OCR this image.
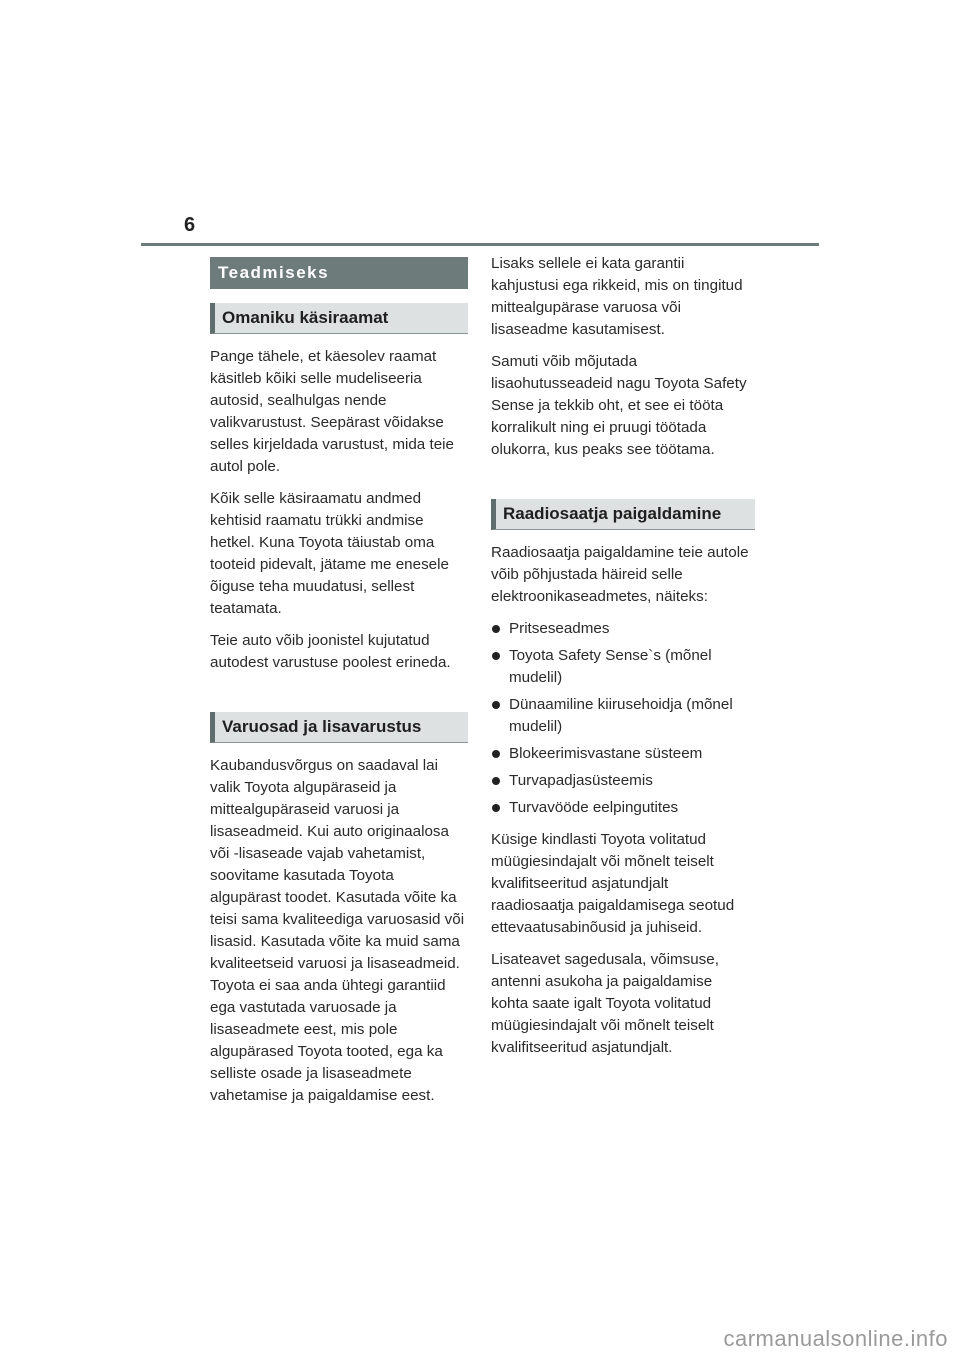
6
Teadmiseks
Omaniku käsiraamat

Pange tähele, et käesolev raamat käsitleb kõiki selle mudeliseeria autosid, sealhulgas nende valikvarustust. Seepärast võidakse selles kirjeldada varustust, mida teie autol pole.

Kõik selle käsiraamatu andmed kehtisid raamatu trükki andmise hetkel. Kuna Toyota täiustab oma tooteid pidevalt, jätame me enesele õiguse teha muudatusi, sellest teatamata.

Teie auto võib joonistel kujutatud autodest varustuse poolest erineda.

Varuosad ja lisavarustus

Kaubandusvõrgus on saadaval lai valik Toyota algupäraseid ja mittealgupäraseid varuosi ja lisaseadmeid. Kui auto originaalosa või -lisaseade vajab vahetamist, soovitame kasutada Toyota algupärast toodet. Kasutada võite ka teisi sama kvaliteediga varuosasid või lisasid. Kasutada võite ka muid sama kvaliteetseid varuosi ja lisaseadmeid. Toyota ei saa anda ühtegi garantiid ega vastutada varuosade ja lisaseadmete eest, mis pole algupärased Toyota tooted, ega ka selliste osade ja lisaseadmete vahetamise ja paigaldamise eest.

Lisaks sellele ei kata garantii kahjustusi ega rikkeid, mis on tingitud mittealgupärase varuosa või lisaseadme kasutamisest.

Samuti võib mõjutada lisaohutusseadeid nagu Toyota Safety Sense ja tekkib oht, et see ei tööta korralikult ning ei pruugi töötada olukorra, kus peaks see töötama.

Raadiosaatja paigaldamine

Raadiosaatja paigaldamine teie autole võib põhjustada häireid selle elektroonikaseadmetes, näiteks:

Pritseseadmes
Toyota Safety Sense`s (mõnel mudelil)
Dünaamiline kiirusehoidja (mõnel mudelil)
Blokeerimisvastane süsteem
Turvapadjasüsteemis
Turvavööde eelpingutites

Küsige kindlasti Toyota volitatud müügiesindajalt või mõnelt teiselt kvalifitseeritud asjatundjalt raadiosaatja paigaldamisega seotud ettevaatusabinõusid ja juhiseid.

Lisateavet sagedusala, võimsuse, antenni asukoha ja paigaldamise kohta saate igalt Toyota volitatud müügiesindajalt või mõnelt teiselt kvalifitseeritud asjatundjalt.

carmanualsonline.info
